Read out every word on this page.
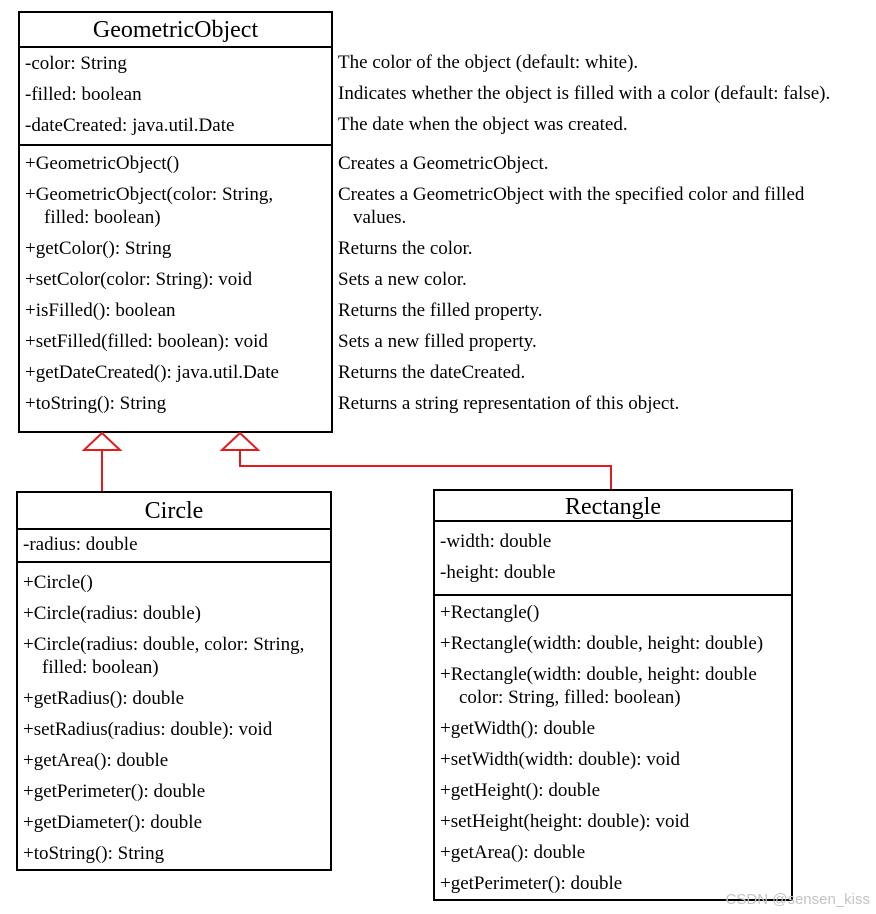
GeometricObject
-color: String
-filled: boolean
-dateCreated: java.util.Date
+GeometricObject()
+GeometricObject(color: String,
filled: boolean)
+getColor(): String
+setColor(color: String): void
+isFilled(): boolean
+setFilled(filled: boolean): void
+getDateCreated(): java.util.Date
+toString(): String
The color of the object (default: white).
Indicates whether the object is filled with a color (default: false).
The date when the object was created.
Creates a GeometricObject.
Creates a GeometricObject with the specified color and filled
values.
Returns the color.
Sets a new color.
Returns the filled property.
Sets a new filled property.
Returns the dateCreated.
Returns a string representation of this object.
Circle
-radius: double
+Circle()
+Circle(radius: double)
+Circle(radius: double, color: String,
filled: boolean)
+getRadius(): double
+setRadius(radius: double): void
+getArea(): double
+getPerimeter(): double
+getDiameter(): double
+toString(): String
Rectangle
-width: double
-height: double
+Rectangle()
+Rectangle(width: double, height: double)
+Rectangle(width: double, height: double
color: String, filled: boolean)
+getWidth(): double
+setWidth(width: double): void
+getHeight(): double
+setHeight(height: double): void
+getArea(): double
+getPerimeter(): double
CSDN @sensen_kiss
